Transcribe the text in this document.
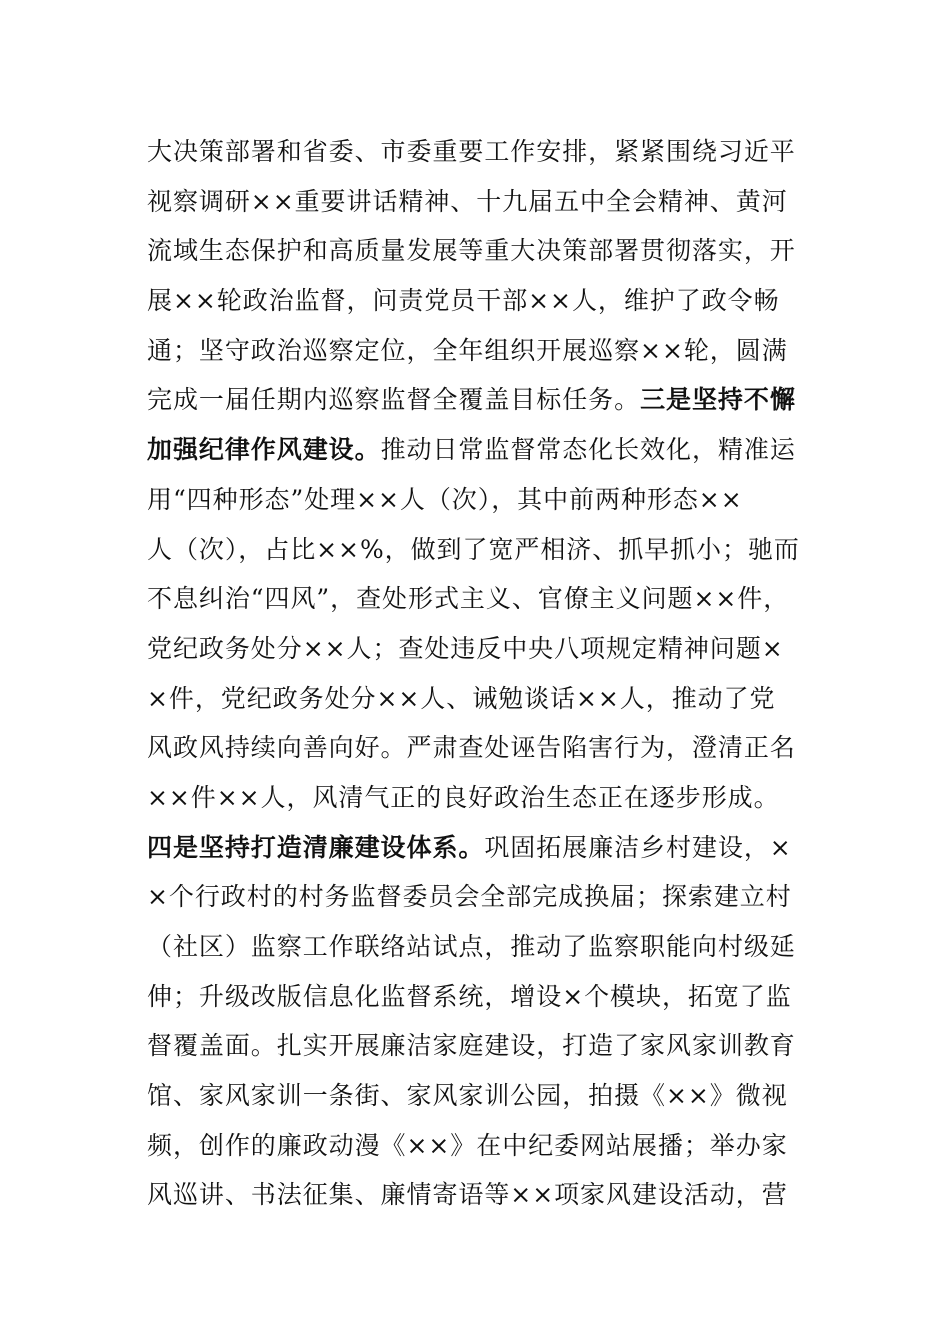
大决策部署和省委、市委重要工作安排，紧紧围绕习近平
视察调研××重要讲话精神、十九届五中全会精神、黄河
流域生态保护和高质量发展等重大决策部署贯彻落实，开
展××轮政治监督，问责党员干部××人，维护了政令畅
通；坚守政治巡察定位，全年组织开展巡察××轮，圆满
完成一届任期内巡察监督全覆盖目标任务。三是坚持不懈
加强纪律作风建设。推动日常监督常态化长效化，精准运
用“四种形态”处理××人（次），其中前两种形态××
人（次），占比××%，做到了宽严相济、抓早抓小；驰而
不息纠治“四风”，查处形式主义、官僚主义问题××件，
党纪政务处分××人；查处违反中央八项规定精神问题×
×件，党纪政务处分××人、诫勉谈话××人，推动了党
风政风持续向善向好。严肃查处诬告陷害行为，澄清正名
××件××人，风清气正的良好政治生态正在逐步形成。
四是坚持打造清廉建设体系。巩固拓展廉洁乡村建设，×
×个行政村的村务监督委员会全部完成换届；探索建立村
（社区）监察工作联络站试点，推动了监察职能向村级延
伸；升级改版信息化监督系统，增设×个模块，拓宽了监
督覆盖面。扎实开展廉洁家庭建设，打造了家风家训教育
馆、家风家训一条街、家风家训公园，拍摄《××》微视
频，创作的廉政动漫《××》在中纪委网站展播；举办家
风巡讲、书法征集、廉情寄语等××项家风建设活动，营
